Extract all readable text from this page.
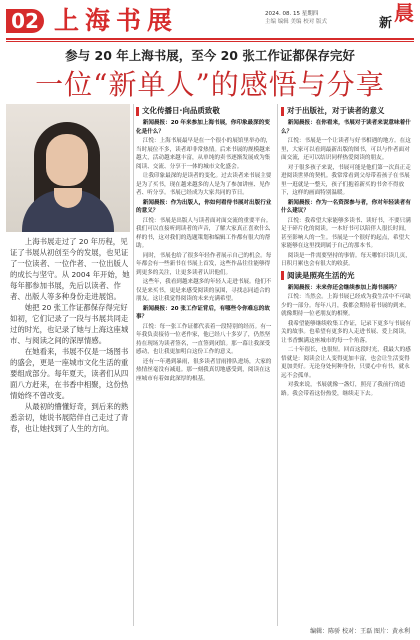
02 上海书展	2024. 08. 15 星期四
主编 编辑 美编 校对 版式	新 晨
参与 20 年上海书展，至今 20 张工作证都保存完好
一位“新单人”的感悟与分享

上海书展走过了 20 年历程，见证了书展从初创至今的发展，也见证了一位读者、一位作者、一位出版人的成长与坚守。从 2004 年开始，她每年都参加书展，先后以读者、作者、出版人等多种身份走进展馆。

她把 20 张工作证都保存得完好如初，它们记录了一段与书展共同走过的时光，也记录了她与上海这座城市、与阅读之间的深厚情感。

在她看来，书展不仅是一场图书的盛会，更是一座城市文化生活的重要组成部分。每年夏天，读者们从四面八方赶来，在书香中相聚，这份热情始终不曾改变。

从最初的懵懂好奇，到后来的熟悉亲切，她说书展陪伴自己走过了青春，也让她找到了人生的方向。

文化传播日·向品质致敬

新闻晨报：20 年来参加上海书展，你印象最深的变化是什么？

江悦：上海书展最早是在一个很小的展馆里举办的，当时展位不多，读者却非常热情。后来书展的规模越来越大，活动越来越丰富，从单纯的卖书逐渐发展成为集阅读、交流、分享于一体的城市文化盛会。

让我印象最深的是读者的变化。过去读者来书展主要是为了买书，现在越来越多的人是为了参加讲座、见作者、听分享。书展已经成为大家共同的节日。

新闻晨报：作为出版人，你如何看待书展对出版行业的意义？

江悦：书展是出版人与读者面对面交流的重要平台。我们可以直接听到读者的声音，了解大家真正喜欢什么样的书，这对我们的选题策划和编辑工作都有很大的帮助。

同时，书展也给了很多年轻作者展示自己的机会。每年都会有一些新书在书展上首发，这些作品往往能够得到更多的关注，让更多读者认识他们。

这些年，我看到越来越多的年轻人走进书展。他们不仅是来买书，更是来感受阅读的氛围，寻找志同道合的朋友。这让我觉得阅读的未来充满希望。

新闻晨报：20 张工作证背后，有哪些令你难忘的故事？

江悦：每一张工作证都代表着一段特别的经历。有一年我负责接待一位老作家，他已经八十多岁了，仍然坚持在现场为读者签名，一直签到闭馆。那一幕让我深受感动，也让我更加明白这份工作的意义。

还有一年遇到暴雨，很多读者冒雨排队进场，大家的热情丝毫没有减退。那一刻我真切地感受到，阅读在这座城市有着如此深厚的根基。

对于出版社，对于读者的意义

新闻晨报：在你看来，书展对于读者来说意味着什么？

江悦：书展是一个让读者与好书相遇的地方。在这里，大家可以看到最新出版的图书，可以与作者面对面交流，还可以结识同样热爱阅读的朋友。

对于很多孩子来说，书展可能是他们第一次真正走进阅读世界的契机。我常常看到父母带着孩子在书展里一逛就是一整天，孩子们抱着新买的书舍不得放下，这样的画面特别温暖。

新闻晨报：作为一名资深参与者，你对年轻读者有什么建议？

江悦：我希望大家能够多读书、读好书，不要只满足于碎片化的阅读。一本好书可以陪伴人很长时间，甚至影响人的一生。书展是一个很好的起点，希望大家能够在这里找到属于自己的那本书。

阅读是一件需要坚持的事情。每天哪怕只读几页，日积月累也会有很大的收获。

阅读是照亮生活的光

新闻晨报：未来你还会继续参加上海书展吗？

江悦：当然会。上海书展已经成为我生活中不可缺少的一部分。每年八月，我都会期待着书展的到来，就像期待一位老朋友的相聚。

我希望能够继续收集工作证，记录下更多与书展有关的故事。也希望有更多的人走进书展、爱上阅读，让书香飘满这座城市的每一个角落。

二十年很长，也很短。回首这段时光，我最大的感悟就是：阅读会让人变得更加丰富，也会让生活变得更加美好。无论身处何种身份，只要心中有书，就永远不会孤单。

对我来说，书展就像一盏灯，照亮了我前行的道路。我会带着这份热爱，继续走下去。

编辑：陈骄 校对：王磊 图片：黄永利
